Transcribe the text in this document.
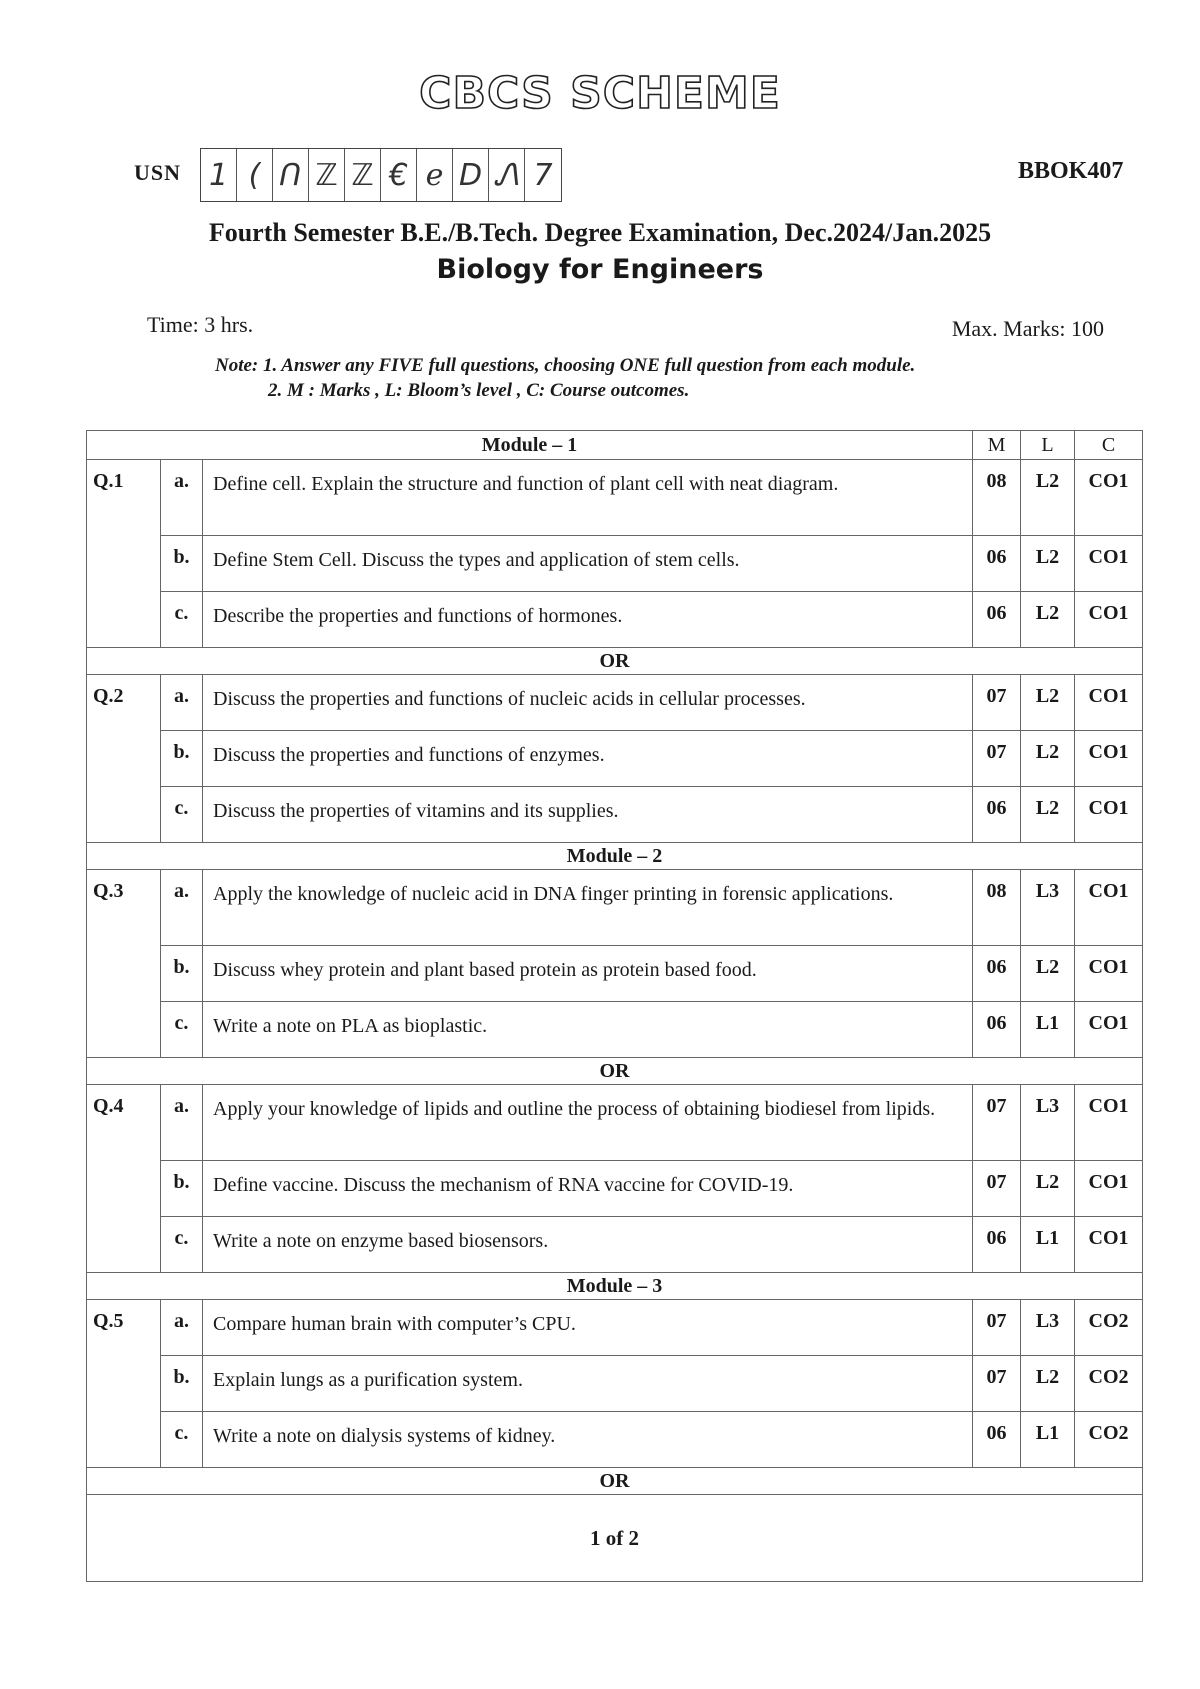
CBCS SCHEME
USN 1 ( ᑎ ℤ ℤ € ℯ D Ꮑ 7	BBOK407
Fourth Semester B.E./B.Tech. Degree Examination, Dec.2024/Jan.2025
Biology for Engineers
Time: 3 hrs.	Max. Marks: 100
Note: 1. Answer any FIVE full questions, choosing ONE full question from each module.
2. M : Marks , L: Bloom’s level , C: Course outcomes.
Module – 1			M	L	C
Q.1	a.	Define cell. Explain the structure and function of plant cell with neat diagram.	08	L2	CO1
	b.	Define Stem Cell. Discuss the types and application of stem cells.	06	L2	CO1
	c.	Describe the properties and functions of hormones.	06	L2	CO1
OR					
Q.2	a.	Discuss the properties and functions of nucleic acids in cellular processes.	07	L2	CO1
	b.	Discuss the properties and functions of enzymes.	07	L2	CO1
	c.	Discuss the properties of vitamins and its supplies.	06	L2	CO1
Module – 2					
Q.3	a.	Apply the knowledge of nucleic acid in DNA finger printing in forensic applications.	08	L3	CO1
	b.	Discuss whey protein and plant based protein as protein based food.	06	L2	CO1
	c.	Write a note on PLA as bioplastic.	06	L1	CO1
OR					
Q.4	a.	Apply your knowledge of lipids and outline the process of obtaining biodiesel from lipids.	07	L3	CO1
	b.	Define vaccine. Discuss the mechanism of RNA vaccine for COVID-19.	07	L2	CO1
	c.	Write a note on enzyme based biosensors.	06	L1	CO1
Module – 3					
Q.5	a.	Compare human brain with computer’s CPU.	07	L3	CO2
	b.	Explain lungs as a purification system.	07	L2	CO2
	c.	Write a note on dialysis systems of kidney.	06	L1	CO2
OR					
1 of 2					
